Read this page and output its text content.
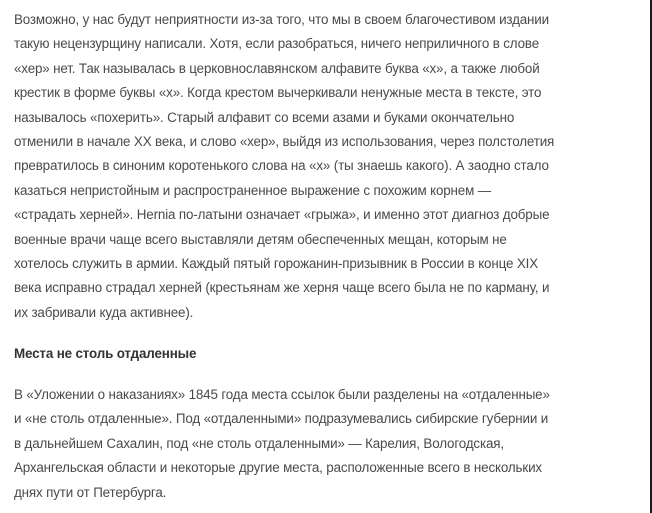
Возможно, у нас будут неприятности из-за того, что мы в своем благочестивом издании
такую нецензурщину написали. Хотя, если разобраться, ничего неприличного в слове
«хер» нет. Так называлась в церковнославянском алфавите буква «х», а также любой
крестик в форме буквы «х». Когда крестом вычеркивали ненужные места в тексте, это
называлось «похерить». Старый алфавит со всеми азами и буками окончательно
отменили в начале XX века, и слово «хер», выйдя из использования, через полстолетия
превратилось в синоним коротенького слова на «х» (ты знаешь какого). А заодно стало
казаться непристойным и распространенное выражение с похожим корнем —
«страдать херней». Hernia по-латыни означает «грыжа», и именно этот диагноз добрые
военные врачи чаще всего выставляли детям обеспеченных мещан, которым не
хотелось служить в армии. Каждый пятый горожанин-призывник в России в конце XIX
века исправно страдал херней (крестьянам же херня чаще всего была не по карману, и
их забривали куда активнее).
Места не столь отдаленные
В «Уложении о наказаниях» 1845 года места ссылок были разделены на «отдаленные»
и «не столь отдаленные». Под «отдаленными» подразумевались сибирские губернии и
в дальнейшем Сахалин, под «не столь отдаленными» — Карелия, Вологодская,
Архангельская области и некоторые другие места, расположенные всего в нескольких
днях пути от Петербурга.
